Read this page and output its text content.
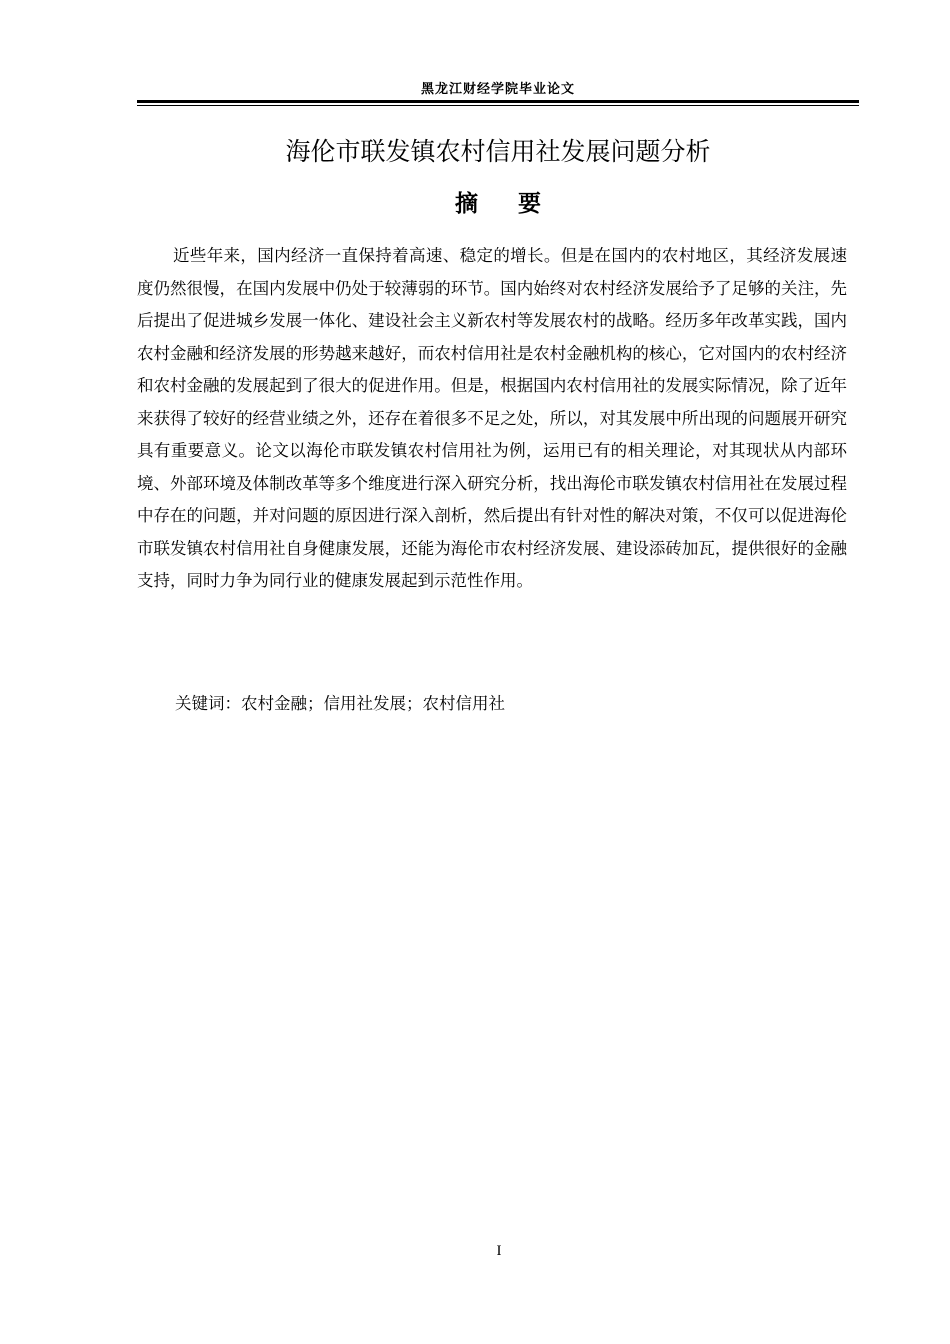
黑龙江财经学院毕业论文
海伦市联发镇农村信用社发展问题分析
摘要

近些年来，国内经济一直保持着高速、稳定的增长。但是在国内的农村地区，其经济发展速度仍然很慢，在国内发展中仍处于较薄弱的环节。国内始终对农村经济发展给予了足够的关注，先后提出了促进城乡发展一体化、建设社会主义新农村等发展农村的战略。经历多年改革实践，国内农村金融和经济发展的形势越来越好，而农村信用社是农村金融机构的核心，它对国内的农村经济和农村金融的发展起到了很大的促进作用。但是，根据国内农村信用社的发展实际情况，除了近年来获得了较好的经营业绩之外，还存在着很多不足之处，所以，对其发展中所出现的问题展开研究具有重要意义。论文以海伦市联发镇农村信用社为例，运用已有的相关理论，对其现状从内部环境、外部环境及体制改革等多个维度进行深入研究分析，找出海伦市联发镇农村信用社在发展过程中存在的问题，并对问题的原因进行深入剖析，然后提出有针对性的解决对策，不仅可以促进海伦市联发镇农村信用社自身健康发展，还能为海伦市农村经济发展、建设添砖加瓦，提供很好的金融支持，同时力争为同行业的健康发展起到示范性作用。

关键词：农村金融；信用社发展；农村信用社
I
